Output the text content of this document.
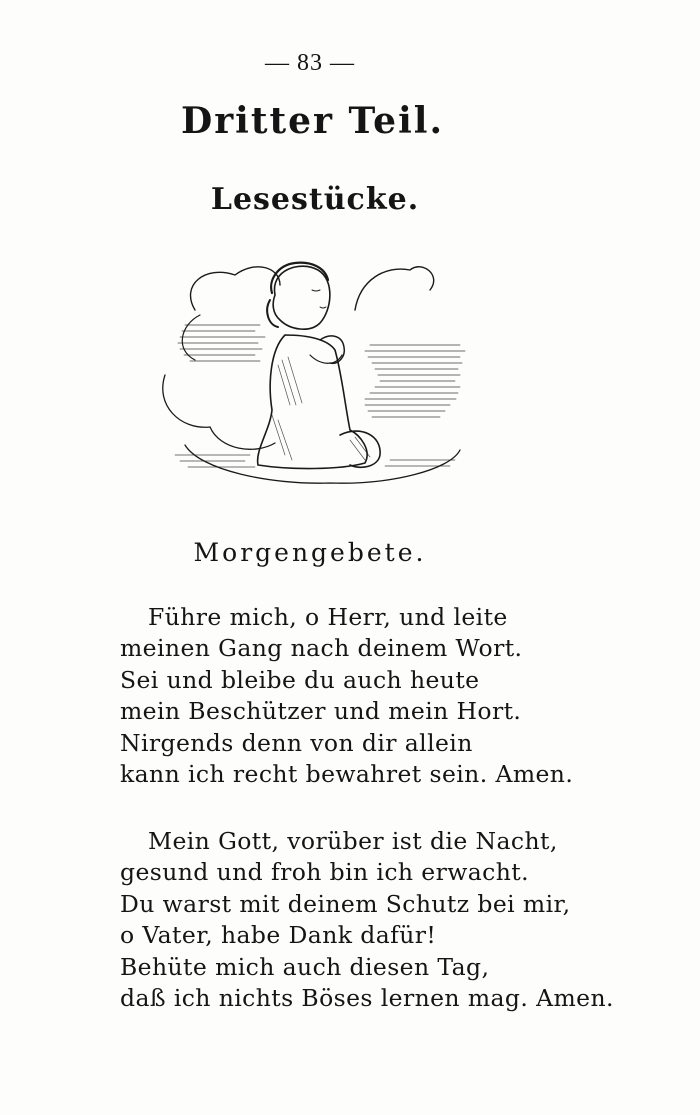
— 83 —
Dritter Teil.
Lesestücke.
Morgengebete.
Führe mich, o Herr, und leite
meinen Gang nach deinem Wort.
Sei und bleibe du auch heute
mein Beschützer und mein Hort.
Nirgends denn von dir allein
kann ich recht bewahret sein. Amen.
Mein Gott, vorüber ist die Nacht,
gesund und froh bin ich erwacht.
Du warst mit deinem Schutz bei mir,
o Vater, habe Dank dafür!
Behüte mich auch diesen Tag,
daß ich nichts Böses lernen mag. Amen.
